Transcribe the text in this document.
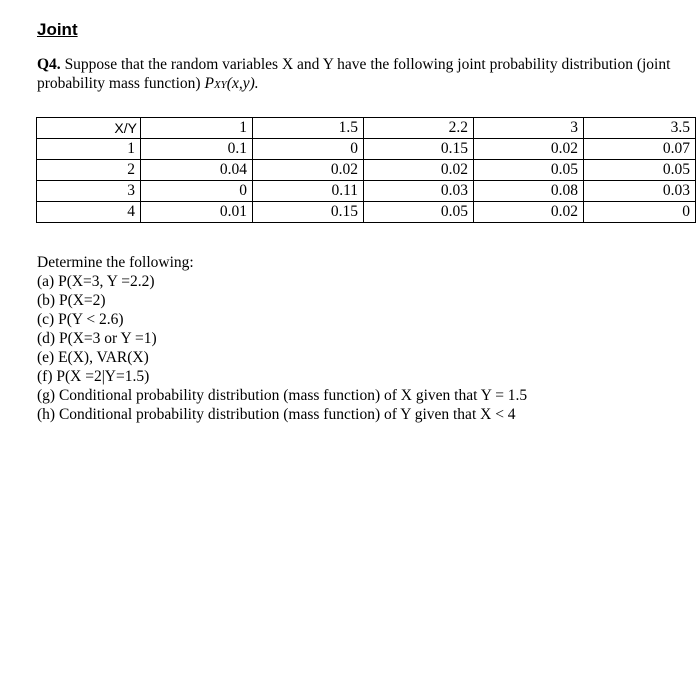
Joint
Q4. Suppose that the random variables X and Y have the following joint probability distribution (joint probability mass function) PXY(x,y).
X/Y	1	1.5	2.2	3	3.5
1	0.1	0	0.15	0.02	0.07
2	0.04	0.02	0.02	0.05	0.05
3	0	0.11	0.03	0.08	0.03
4	0.01	0.15	0.05	0.02	0
Determine the following:
(a) P(X=3, Y =2.2)
(b) P(X=2)
(c) P(Y < 2.6)
(d) P(X=3 or Y =1)
(e) E(X), VAR(X)
(f) P(X =2|Y=1.5)
(g) Conditional probability distribution (mass function) of X given that Y = 1.5
(h) Conditional probability distribution (mass function) of Y given that X < 4
